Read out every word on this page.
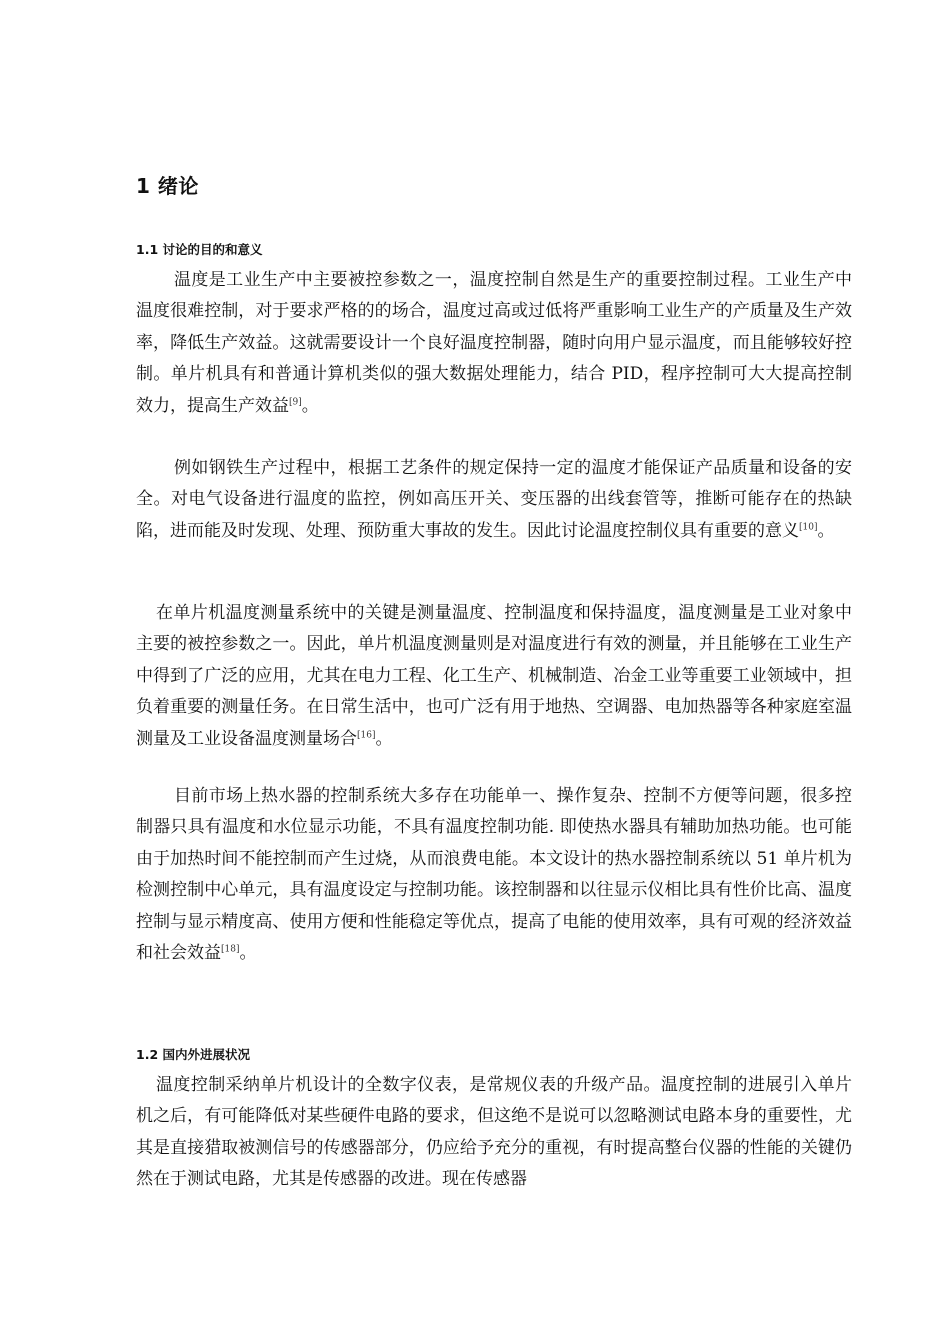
1 绪论
1.1 讨论的目的和意义

温度是工业生产中主要被控参数之一，温度控制自然是生产的重要控制过程。工业生产中温度很难控制，对于要求严格的的场合，温度过高或过低将严重影响工业生产的产质量及生产效率，降低生产效益。这就需要设计一个良好温度控制器，随时向用户显示温度，而且能够较好控制。单片机具有和普通计算机类似的强大数据处理能力，结合 PID，程序控制可大大提高控制效力，提高生产效益[9]。

例如钢铁生产过程中，根据工艺条件的规定保持一定的温度才能保证产品质量和设备的安全。对电气设备进行温度的监控，例如高压开关、变压器的出线套管等，推断可能存在的热缺陷，进而能及时发现、处理、预防重大事故的发生。因此讨论温度控制仪具有重要的意义[10]。

在单片机温度测量系统中的关键是测量温度、控制温度和保持温度，温度测量是工业对象中主要的被控参数之一。因此，单片机温度测量则是对温度进行有效的测量，并且能够在工业生产中得到了广泛的应用，尤其在电力工程、化工生产、机械制造、冶金工业等重要工业领域中，担负着重要的测量任务。在日常生活中，也可广泛有用于地热、空调器、电加热器等各种家庭室温测量及工业设备温度测量场合[16]。

目前市场上热水器的控制系统大多存在功能单一、操作复杂、控制不方便等问题，很多控制器只具有温度和水位显示功能，不具有温度控制功能. 即使热水器具有辅助加热功能。也可能由于加热时间不能控制而产生过烧，从而浪费电能。本文设计的热水器控制系统以 51 单片机为检测控制中心单元，具有温度设定与控制功能。该控制器和以往显示仪相比具有性价比高、温度控制与显示精度高、使用方便和性能稳定等优点，提高了电能的使用效率，具有可观的经济效益和社会效益[18]。

1.2 国内外进展状况

温度控制采纳单片机设计的全数字仪表，是常规仪表的升级产品。温度控制的进展引入单片机之后，有可能降低对某些硬件电路的要求，但这绝不是说可以忽略测试电路本身的重要性，尤其是直接猎取被测信号的传感器部分，仍应给予充分的重视，有时提高整台仪器的性能的关键仍然在于测试电路，尤其是传感器的改进。现在传感器
